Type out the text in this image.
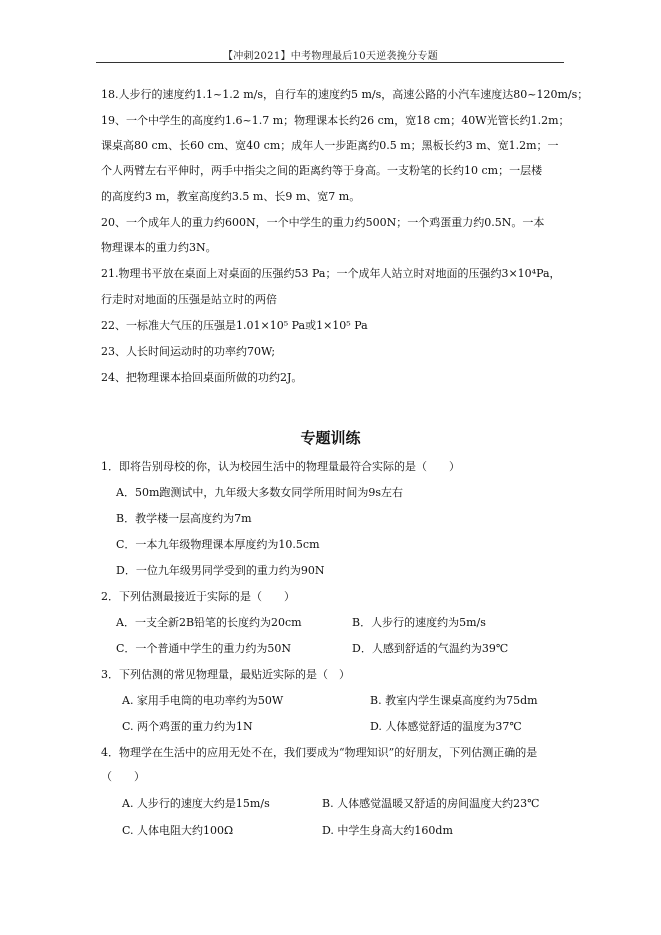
【冲刺2021】中考物理最后10天逆袭挽分专题
18.人步行的速度约1.1~1.2 m/s，自行车的速度约5 m/s，高速公路的小汽车速度达80~120m/s；
19、一个中学生的高度约1.6~1.7 m；物理课本长约26 cm，宽18 cm；40W光管长约1.2m；
课桌高80 cm、长60 cm、宽40 cm；成年人一步距离约0.5 m；黑板长约3 m、宽1.2m；一
个人两臂左右平伸时，两手中指尖之间的距离约等于身高。一支粉笔的长约10 cm；一层楼
的高度约3 m，教室高度约3.5 m、长9 m、宽7 m。
20、一个成年人的重力约600N，一个中学生的重力约500N；一个鸡蛋重力约0.5N。一本
物理课本的重力约3N。
21.物理书平放在桌面上对桌面的压强约53 Pa；一个成年人站立时对地面的压强约3×10⁴Pa，
行走时对地面的压强是站立时的两倍
22、一标准大气压的压强是1.01×10⁵ Pa或1×10⁵ Pa
23、人长时间运动时的功率约70W;
24、把物理课本拾回桌面所做的功约2J。
专题训练
1．即将告别母校的你，认为校园生活中的物理量最符合实际的是（　　）
A．50m跑测试中，九年级大多数女同学所用时间为9s左右
B．教学楼一层高度约为7m
C．一本九年级物理课本厚度约为10.5cm
D．一位九年级男同学受到的重力约为90N
2．下列估测最接近于实际的是（　　）
A．一支全新2B铅笔的长度约为20cm	B．人步行的速度约为5m/s
C．一个普通中学生的重力约为50N	D．人感到舒适的气温约为39℃
3．下列估测的常见物理量，最贴近实际的是（　）
A. 家用手电筒的电功率约为50W	B. 教室内学生课桌高度约为75dm
C. 两个鸡蛋的重力约为1N	D. 人体感觉舒适的温度为37℃
4．物理学在生活中的应用无处不在，我们要成为“物理知识”的好朋友，下列估测正确的是
（　　）
A. 人步行的速度大约是15m/s	B. 人体感觉温暖又舒适的房间温度大约23℃
C. 人体电阻大约100Ω	D. 中学生身高大约160dm
